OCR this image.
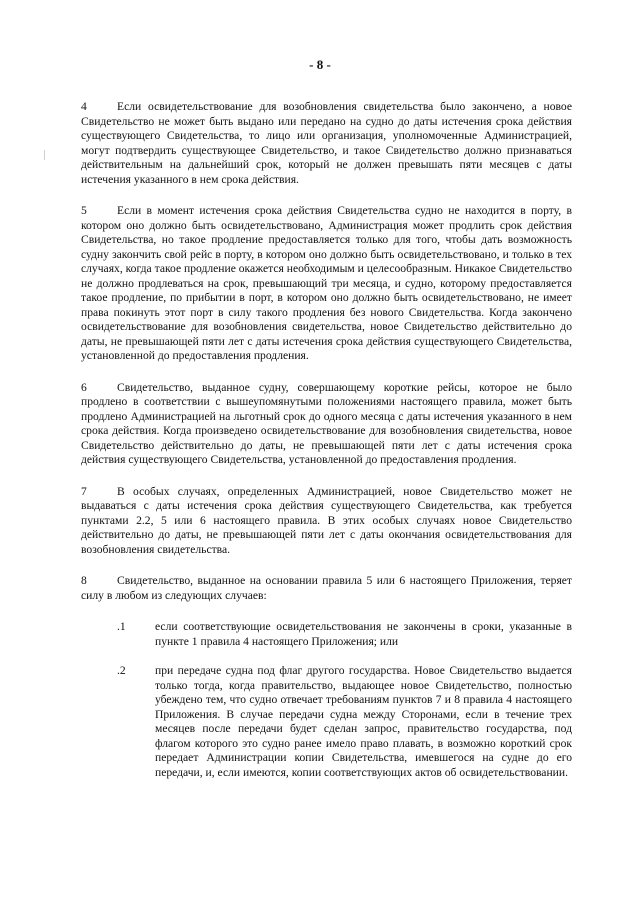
- 8 -

4	Если освидетельствование для возобновления свидетельства было закончено, а новое Свидетельство не может быть выдано или передано на судно до даты истечения срока действия существующего Свидетельства, то лицо или организация, уполномоченные Администрацией, могут подтвердить существующее Свидетельство, и такое Свидетельство должно признаваться действительным на дальнейший срок, который не должен превышать пяти месяцев с даты истечения указанного в нем срока действия.

5	Если в момент истечения срока действия Свидетельства судно не находится в порту, в котором оно должно быть освидетельствовано, Администрация может продлить срок действия Свидетельства, но такое продление предоставляется только для того, чтобы дать возможность судну закончить свой рейс в порту, в котором оно должно быть освидетельствовано, и только в тех случаях, когда такое продление окажется необходимым и целесообразным. Никакое Свидетельство не должно продлеваться на срок, превышающий три месяца, и судно, которому предоставляется такое продление, по прибытии в порт, в котором оно должно быть освидетельствовано, не имеет права покинуть этот порт в силу такого продления без нового Свидетельства. Когда закончено освидетельствование для возобновления свидетельства, новое Свидетельство действительно до даты, не превышающей пяти лет с даты истечения срока действия существующего Свидетельства, установленной до предоставления продления.

6	Свидетельство, выданное судну, совершающему короткие рейсы, которое не было продлено в соответствии с вышеупомянутыми положениями настоящего правила, может быть продлено Администрацией на льготный срок до одного месяца с даты истечения указанного в нем срока действия. Когда произведено освидетельствование для возобновления свидетельства, новое Свидетельство действительно до даты, не превышающей пяти лет с даты истечения срока действия существующего Свидетельства, установленной до предоставления продления.

7	В особых случаях, определенных Администрацией, новое Свидетельство может не выдаваться с даты истечения срока действия существующего Свидетельства, как требуется пунктами 2.2, 5 или 6 настоящего правила. В этих особых случаях новое Свидетельство действительно до даты, не превышающей пяти лет с даты окончания освидетельствования для возобновления свидетельства.

8	Свидетельство, выданное на основании правила 5 или 6 настоящего Приложения, теряет силу в любом из следующих случаев:

.1	если соответствующие освидетельствования не закончены в сроки, указанные в пункте 1 правила 4 настоящего Приложения; или
.2	при передаче судна под флаг другого государства. Новое Свидетельство выдается только тогда, когда правительство, выдающее новое Свидетельство, полностью убеждено тем, что судно отвечает требованиям пунктов 7 и 8 правила 4 настоящего Приложения. В случае передачи судна между Сторонами, если в течение трех месяцев после передачи будет сделан запрос, правительство государства, под флагом которого это судно ранее имело право плавать, в возможно короткий срок передает Администрации копии Свидетельства, имевшегося на судне до его передачи, и, если имеются, копии соответствующих актов об освидетельствовании.
